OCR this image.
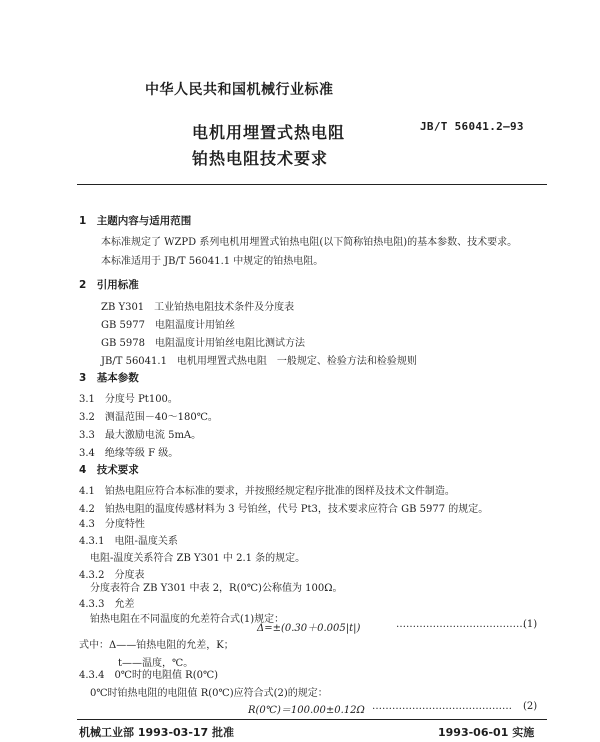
中华人民共和国机械行业标准
电机用埋置式热电阻
铂热电阻技术要求
JB/T 56041.2—93
1　主题内容与适用范围
本标准规定了 WZPD 系列电机用埋置式铂热电阻(以下简称铂热电阻)的基本参数、技术要求。
本标准适用于 JB/T 56041.1 中规定的铂热电阻。
2　引用标准
ZB Y301　工业铂热电阻技术条件及分度表
GB 5977　电阻温度计用铂丝
GB 5978　电阻温度计用铂丝电阻比测试方法
JB/T 56041.1　电机用埋置式热电阻　一般规定、检验方法和检验规则
3　基本参数
3.1　分度号 Pt100。
3.2　测温范围－40～180℃。
3.3　最大激励电流 5mA。
3.4　绝缘等级 F 级。
4　技术要求
4.1　铂热电阻应符合本标准的要求，并按照经规定程序批准的图样及技术文件制造。
4.2　铂热电阻的温度传感材料为 3 号铂丝，代号 Pt3，技术要求应符合 GB 5977 的规定。
4.3　分度特性
4.3.1　电阻-温度关系
电阻-温度关系符合 ZB Y301 中 2.1 条的规定。
4.3.2　分度表
分度表符合 ZB Y301 中表 2，R(0℃)公称值为 100Ω。
4.3.3　允差
铂热电阻在不同温度的允差符合式(1)规定：
Δ=±(0.30＋0.005|t|)	…………………………………
(1)
式中：Δ——铂热电阻的允差，K；
t——温度，℃。
4.3.4　0℃时的电阻值 R(0℃)
机械工业部 1993-03-17 批准	1993-06-01 实施
0℃时铂热电阻的电阻值 R(0℃)应符合式(2)的规定：
R(0℃)＝100.00±0.12Ω …………………………………… (2)
